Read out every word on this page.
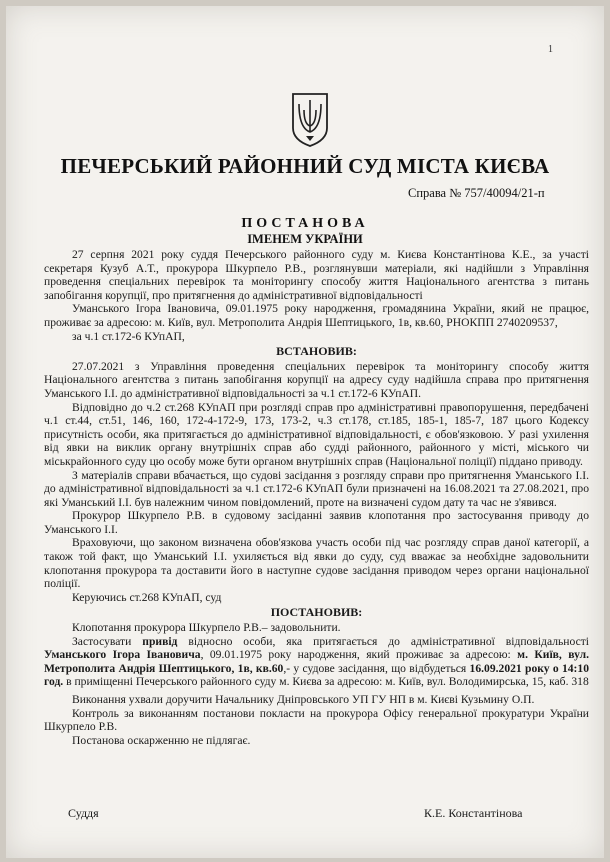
1
ПЕЧЕРСЬКИЙ РАЙОННИЙ СУД МІСТА КИЄВА
Справа № 757/40094/21-п
ПОСТАНОВА
ІМЕНЕМ УКРАЇНИ

27 серпня 2021 року суддя Печерського районного суду м. Києва Константінова К.Е., за участі секретаря Кузуб А.Т., прокурора Шкурпело Р.В., розглянувши матеріали, які надійшли з Управління проведення спеціальних перевірок та моніторингу способу життя Національного агентства з питань запобігання корупції, про притягнення до адміністративної відповідальності

Уманського Ігора Івановича, 09.01.1975 року народження, громадянина України, який не працює, проживає за адресою: м. Київ, вул. Метрополита Андрія Шептицького, 1в, кв.60, РНОКПП 2740209537,

за ч.1 ст.172-6 КУпАП,

ВСТАНОВИВ:

27.07.2021 з Управління проведення спеціальних перевірок та моніторингу способу життя Національного агентства з питань запобігання корупції на адресу суду надійшла справа про притягнення Уманського І.І. до адміністративної відповідальності за ч.1 ст.172-6 КУпАП.

Відповідно до ч.2 ст.268 КУпАП при розгляді справ про адміністративні правопорушення, передбачені ч.1 ст.44, ст.51, 146, 160, 172-4-172-9, 173, 173-2, ч.3 ст.178, ст.185, 185-1, 185-7, 187 цього Кодексу присутність особи, яка притягається до адміністративної відповідальності, є обов'язковою. У разі ухилення від явки на виклик органу внутрішніх справ або судді районного, районного у місті, міського чи міськрайонного суду цю особу може бути органом внутрішніх справ (Національної поліції) піддано приводу.

З матеріалів справи вбачається, що судові засідання з розгляду справи про притягнення Уманського І.І. до адміністративної відповідальності за ч.1 ст.172-6 КУпАП були призначені на 16.08.2021 та 27.08.2021, про які Уманський І.І. був належним чином повідомлений, проте на визначені судом дату та час не з'явився.

Прокурор Шкурпело Р.В. в судовому засіданні заявив клопотання про застосування приводу до Уманського І.І.

Враховуючи, що законом визначена обов'язкова участь особи під час розгляду справ даної категорії, а також той факт, що Уманський І.І. ухиляється від явки до суду, суд вважає за необхідне задовольнити клопотання прокурора та доставити його в наступне судове засідання приводом через органи національної поліції.

Керуючись ст.268 КУпАП, суд

ПОСТАНОВИВ:

Клопотання прокурора Шкурпело Р.В.– задовольнити.

Застосувати привід відносно особи, яка притягається до адміністративної відповідальності Уманського Ігора Івановича, 09.01.1975 року народження, який проживає за адресою: м. Київ, вул. Метрополита Андрія Шептицького, 1в, кв.60,- у судове засідання, що відбудеться 16.09.2021 року о 14:10 год. в приміщенні Печерського районного суду м. Києва за адресою: м. Київ, вул. Володимирська, 15, каб. 318

Виконання ухвали доручити Начальнику Дніпровського УП ГУ НП в м. Києві Кузьмину О.П.

Контроль за виконанням постанови покласти на прокурора Офісу генеральної прокуратури України Шкурпело Р.В.

Постанова оскарженню не підлягає.

Суддя	К.Е. Константінова
